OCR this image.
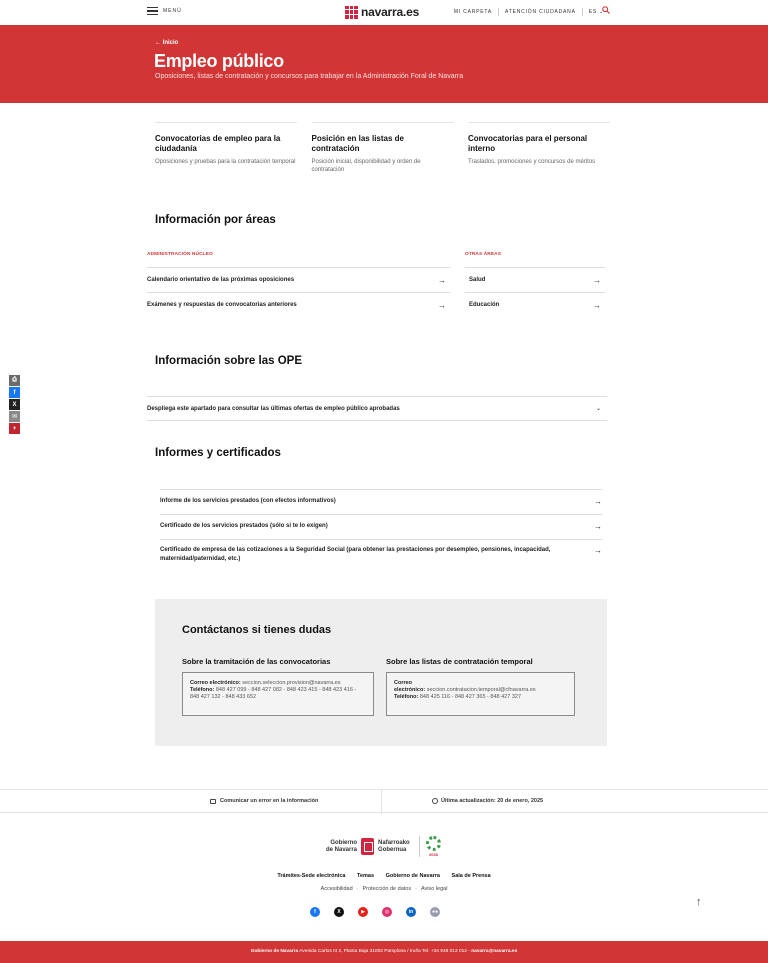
MENÚ	navarra.es	MI CARPETA	ATENCIÓN CIUDADANA	ES ⌄
← Inicio
Empleo público

Oposiciones, listas de contratación y concursos para trabajar en la Administración Foral de Navarra

Convocatorias de empleo para la ciudadanía

Oposiciones y pruebas para la contratación temporal

Posición en las listas de contratación

Posición inicial, disponibilidad y orden de contratación

Convocatorias para el personal interno

Traslados, promociones y concursos de méritos

Información por áreas
ADMINISTRACIÓN NÚCLEO
Calendario orientativo de las próximas oposiciones	→
Exámenes y respuestas de convocatorias anteriores	→
OTRAS ÁREAS
Salud	→
Educación	→
Información sobre las OPE
Despliega este apartado para consultar las últimas ofertas de empleo público aprobadas	⌄
Informes y certificados
Informe de los servicios prestados (con efectos informativos)	→
Certificado de los servicios prestados (sólo si te lo exigen)	→
Certificado de empresa de las cotizaciones a la Seguridad Social (para obtener las prestaciones por desempleo, pensiones, incapacidad, maternidad/paternidad, etc.)
→
Contáctanos si tienes dudas
Sobre la tramitación de las convocatorias
Correo electrónico: seccion.seleccion.provision@navarra.es
Teléfono: 848 427 099 - 848 427 082 - 848 423 415 - 848 423 416 - 848 427 132 - 848 433 652
Sobre las listas de contratación temporal
Correo
electrónico: seccion.contratacion.temporal@cfnavarra.es
Teléfono: 848 425 116 - 848 427 365 - 848 427 327
Comunicar un error en la información	Última actualización: 20 de enero, 2025
Gobierno
de Navarra
Nafarroako
Gobernua
2030
Trámites-Sede electrónica Temas Gobierno de Navarra Sala de Prensa
Accesibilidad · Protección de datos · Aviso legal
f	X	▶	◎	in	●●
↑
Gobierno de Navarra Avenida Carlos III 2, Planta Baja 31002 Pamplona / Iruña Tel. +34 948 012 012 - navarra@navarra.es
⎙
f
X
✉
+
